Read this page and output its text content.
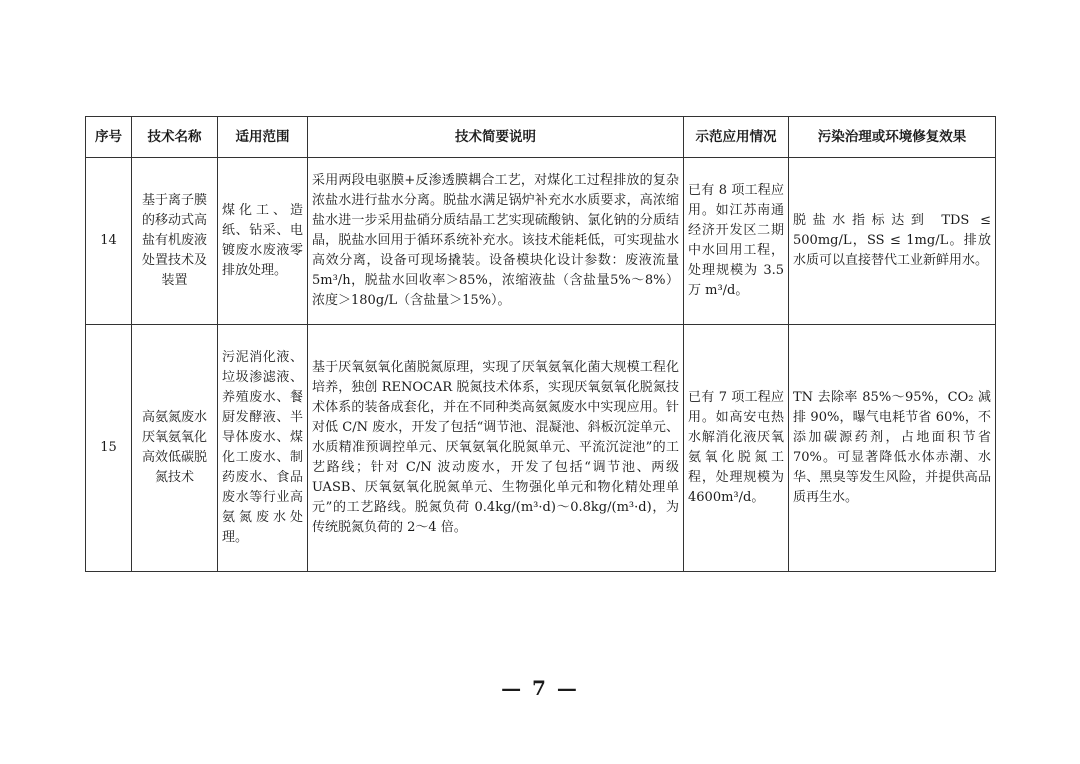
序号	技术名称	适用范围	技术简要说明	示范应用情况	污染治理或环境修复效果
14	基于离子膜的移动式高盐有机废液处置技术及装置	煤化工、造纸、钻采、电镀废水废液零排放处理。	采用两段电驱膜+反渗透膜耦合工艺，对煤化工过程排放的复杂浓盐水进行盐水分离。脱盐水满足锅炉补充水水质要求，高浓缩盐水进一步采用盐硝分质结晶工艺实现硫酸钠、氯化钠的分质结晶，脱盐水回用于循环系统补充水。该技术能耗低，可实现盐水高效分离，设备可现场撬装。设备模块化设计参数：废液流量 5m³/h，脱盐水回收率＞85%，浓缩液盐（含盐量5%～8%）浓度＞180g/L（含盐量＞15%）。	已有 8 项工程应用。如江苏南通经济开发区二期中水回用工程，处理规模为 3.5 万 m³/d。	脱盐水指标达到 TDS ≤ 500mg/L，SS ≤ 1mg/L。排放水质可以直接替代工业新鲜用水。
15	高氨氮废水厌氧氨氧化高效低碳脱氮技术	污泥消化液、垃圾渗滤液、养殖废水、餐厨发酵液、半导体废水、煤化工废水、制药废水、食品废水等行业高氨氮废水处理。	基于厌氧氨氧化菌脱氮原理，实现了厌氧氨氧化菌大规模工程化培养，独创 RENOCAR 脱氮技术体系，实现厌氧氨氧化脱氮技术体系的装备成套化，并在不同种类高氨氮废水中实现应用。针对低 C/N 废水，开发了包括“调节池、混凝池、斜板沉淀单元、水质精准预调控单元、厌氧氨氧化脱氮单元、平流沉淀池”的工艺路线；针对 C/N 波动废水，开发了包括“调节池、两级 UASB、厌氧氨氧化脱氮单元、生物强化单元和物化精处理单元”的工艺路线。脱氮负荷 0.4kg/(m³·d)～0.8kg/(m³·d)，为传统脱氮负荷的 2～4 倍。	已有 7 项工程应用。如高安屯热水解消化液厌氧氨氧化脱氮工程，处理规模为 4600m³/d。	TN 去除率 85%～95%，CO₂ 减排 90%，曝气电耗节省 60%，不添加碳源药剂，占地面积节省 70%。可显著降低水体赤潮、水华、黑臭等发生风险，并提供高品质再生水。
— 7 —
